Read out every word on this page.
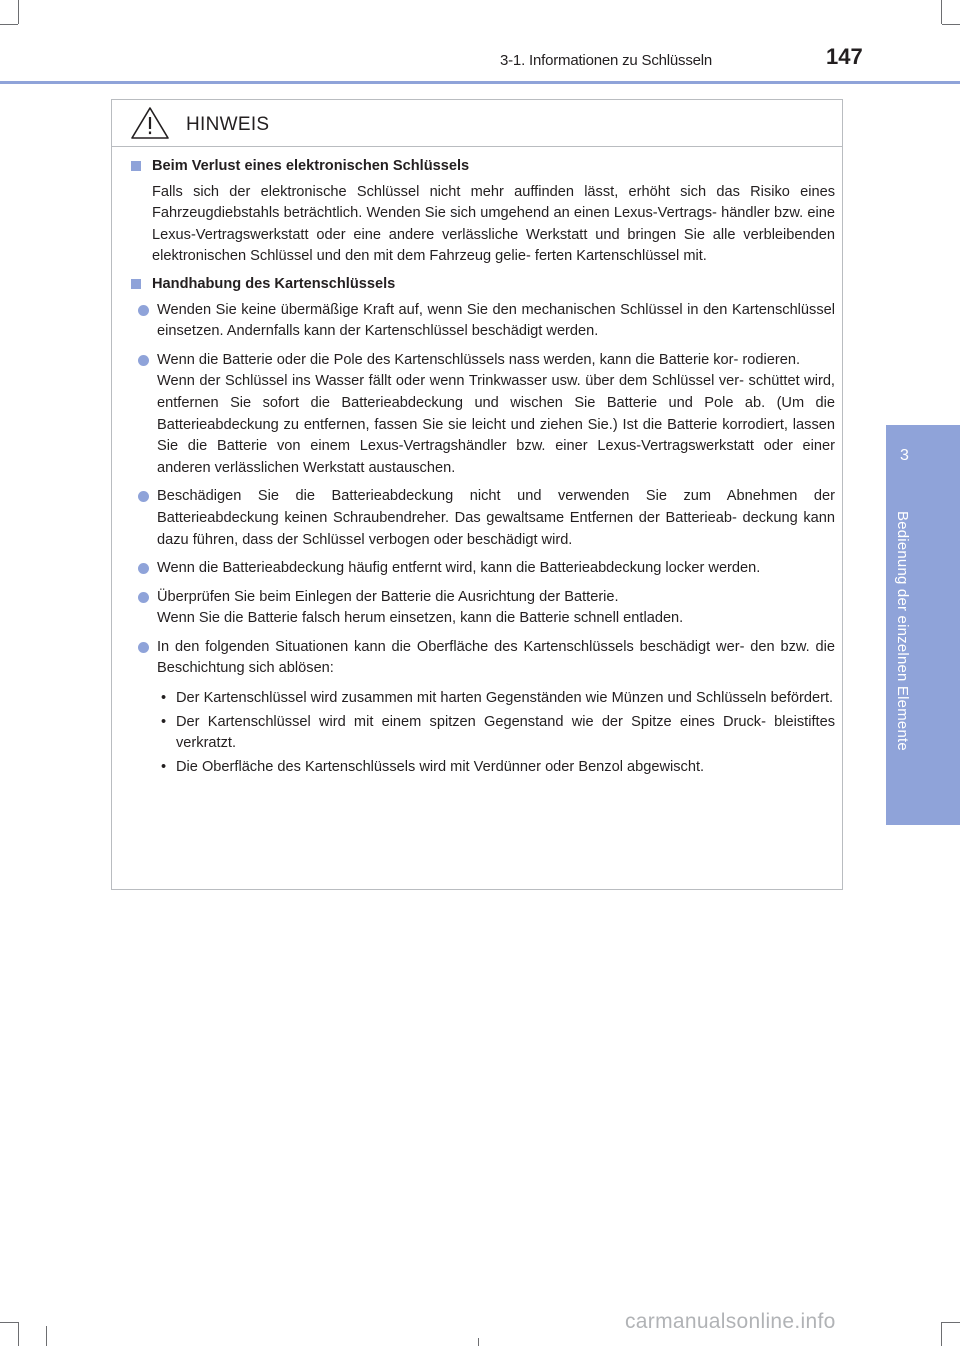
3-1. Informationen zu Schlüsseln	147
3
Bedienung der einzelnen Elemente
HINWEIS
Beim Verlust eines elektronischen Schlüssels
Falls sich der elektronische Schlüssel nicht mehr auffinden lässt, erhöht sich das Risiko eines Fahrzeugdiebstahls beträchtlich. Wenden Sie sich umgehend an einen Lexus-Vertrags- händler bzw. eine Lexus-Vertragswerkstatt oder eine andere verlässliche Werkstatt und bringen Sie alle verbleibenden elektronischen Schlüssel und den mit dem Fahrzeug gelie- ferten Kartenschlüssel mit.
Handhabung des Kartenschlüssels
Wenden Sie keine übermäßige Kraft auf, wenn Sie den mechanischen Schlüssel in den Kartenschlüssel einsetzen. Andernfalls kann der Kartenschlüssel beschädigt werden.
Wenn die Batterie oder die Pole des Kartenschlüssels nass werden, kann die Batterie kor- rodieren.
Wenn der Schlüssel ins Wasser fällt oder wenn Trinkwasser usw. über dem Schlüssel ver- schüttet wird, entfernen Sie sofort die Batterieabdeckung und wischen Sie Batterie und Pole ab. (Um die Batterieabdeckung zu entfernen, fassen Sie sie leicht und ziehen Sie.) Ist die Batterie korrodiert, lassen Sie die Batterie von einem Lexus-Vertragshändler bzw. einer Lexus-Vertragswerkstatt oder einer anderen verlässlichen Werkstatt austauschen.
Beschädigen Sie die Batterieabdeckung nicht und verwenden Sie zum Abnehmen der Batterieabdeckung keinen Schraubendreher. Das gewaltsame Entfernen der Batterieab- deckung kann dazu führen, dass der Schlüssel verbogen oder beschädigt wird.
Wenn die Batterieabdeckung häufig entfernt wird, kann die Batterieabdeckung locker werden.
Überprüfen Sie beim Einlegen der Batterie die Ausrichtung der Batterie.
Wenn Sie die Batterie falsch herum einsetzen, kann die Batterie schnell entladen.
In den folgenden Situationen kann die Oberfläche des Kartenschlüssels beschädigt wer- den bzw. die Beschichtung sich ablösen:
• Der Kartenschlüssel wird zusammen mit harten Gegenständen wie Münzen und Schlüsseln befördert.
• Der Kartenschlüssel wird mit einem spitzen Gegenstand wie der Spitze eines Druck- bleistiftes verkratzt.
• Die Oberfläche des Kartenschlüssels wird mit Verdünner oder Benzol abgewischt.
carmanualsonline.info
